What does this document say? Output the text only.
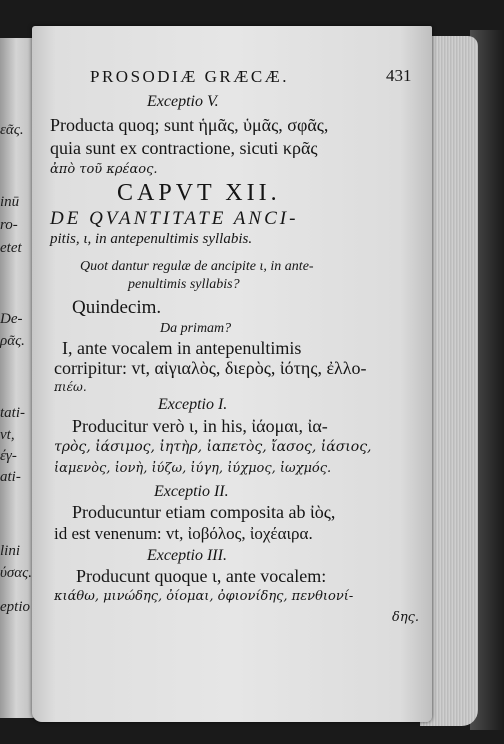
εᾶς.
inū
ro-
etet
De-
ρᾶς.
tati-
vt,
έγ-
ati-
lini
ύσας.
eptio
PROSODIÆ GRÆCÆ.	431
Exceptio V.
Producta quoq; sunt ἡμᾶς, ὑμᾶς, σφᾶς,
quia sunt ex contractione, sicuti κρᾶς
ἀπὸ τοῦ κρέαος.
CAPVT XII.
DE QVANTITATE ANCI-
pitis, ι, in antepenultimis syllabis.
Quot dantur regulæ de ancipite ι, in ante-
penultimis syllabis?
Quindecim.
Da primam?
I, ante vocalem in antepenultimis
corripitur: vt, αἰγιαλὸς, διερὸς, ἰότης, ἐλλο-
πιέω.
Exceptio I.
Producitur verò ι, in his, ἰάομαι, ἰα-
τρὸς, ἰάσιμος, ἰητὴρ, ἰαπετὸς, ἴασος, ἰάσιος,
ἰαμενὸς, ἰονὴ, ἰύζω, ἰύγη, ἰύχμος, ἰωχμός.
Exceptio II.
Producuntur etiam composita ab ἰὸς,
id est venenum: vt, ἰοβόλος, ἰοχέαιρα.
Exceptio III.
Producunt quoque ι, ante vocalem:
κιάθω, μινώδης, ὀίομαι, ὀφιονίδης, πενθιονί-
δης.
